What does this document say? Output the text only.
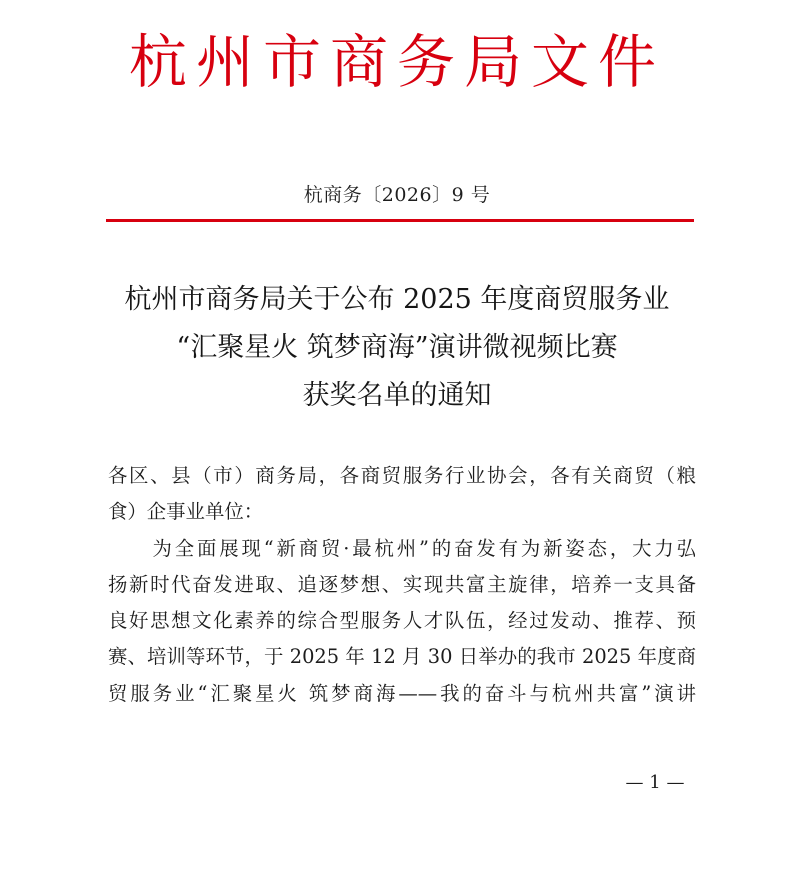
杭州市商务局文件
杭商务〔2026〕9 号
杭州市商务局关于公布 2025 年度商贸服务业
“汇聚星火 筑梦商海”演讲微视频比赛
获奖名单的通知
各区、县（市）商务局，各商贸服务行业协会，各有关商贸（粮
食）企事业单位：
　　为全面展现“新商贸·最杭州”的奋发有为新姿态，大力弘
扬新时代奋发进取、追逐梦想、实现共富主旋律，培养一支具备
良好思想文化素养的综合型服务人才队伍，经过发动、推荐、预
赛、培训等环节，于 2025 年 12 月 30 日举办的我市 2025 年度商
贸服务业“汇聚星火 筑梦商海——我的奋斗与杭州共富”演讲
— 1 —
